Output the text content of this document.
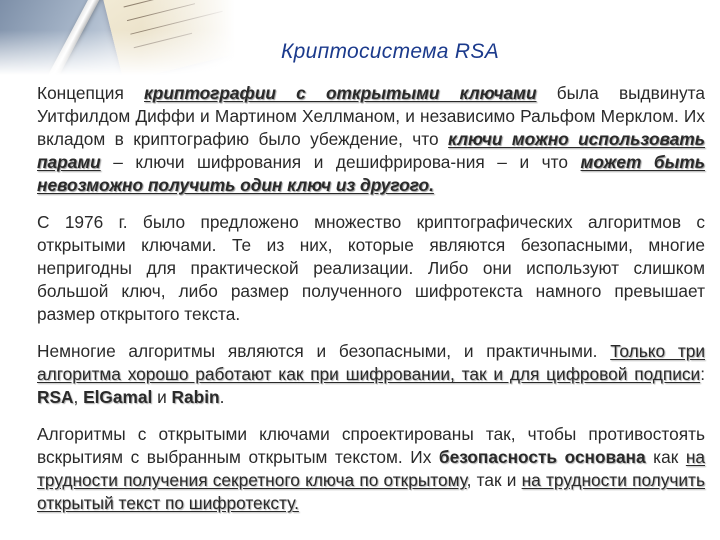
Криптосистема RSA

Концепция криптографии с открытыми ключами была выдвинута Уитфилдом Диффи и Мартином Хеллманом, и независимо Ральфом Мерклом. Их вкладом в криптографию было убеждение, что ключи можно использовать парами – ключи шифрования и дешифрирова-ния – и что может быть невозможно получить один ключ из другого.

С 1976 г. было предложено множество криптографических алгоритмов с открытыми ключами. Те из них, которые являются безопасными, многие непригодны для практической реализации. Либо они используют слишком большой ключ, либо размер полученного шифротекста намного превышает размер открытого текста.

Немногие алгоритмы являются и безопасными, и практичными. Только три алгоритма хорошо работают как при шифровании, так и для цифровой подписи: RSA, ElGamal и Rabin.

Алгоритмы с открытыми ключами спроектированы так, чтобы противостоять вскрытиям с выбранным открытым текстом. Их безопасность основана как на трудности получения секретного ключа по открытому, так и на трудности получить открытый текст по шифротексту.
